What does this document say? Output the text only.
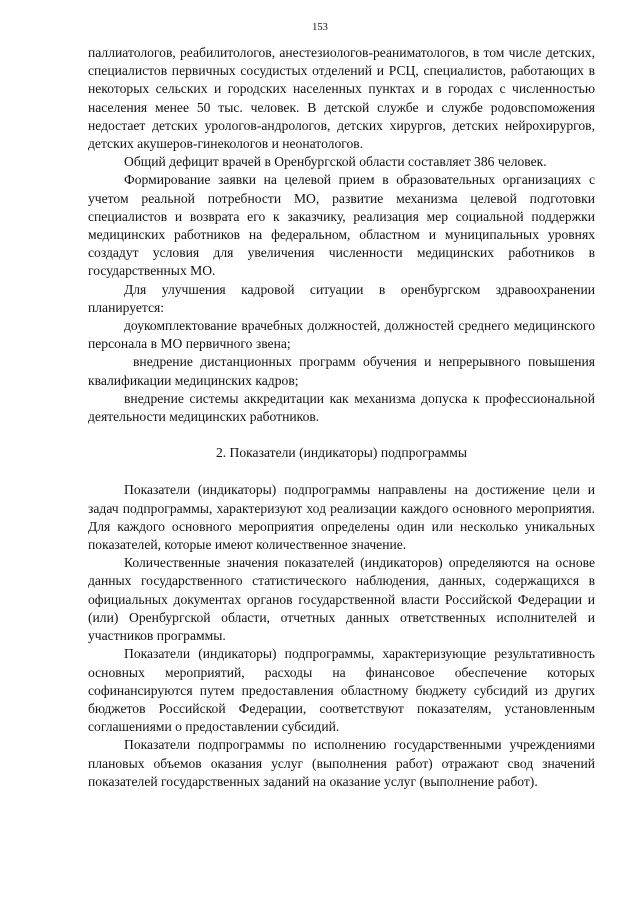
153

паллиатологов, реабилитологов, анестезиологов-реаниматологов, в том числе детских, специалистов первичных сосудистых отделений и РСЦ, специалистов, работающих в некоторых сельских и городских населенных пунктах и в городах с численностью населения менее 50 тыс. человек. В детской службе и службе родовспоможения недостает детских урологов-андрологов, детских хирургов, детских нейрохирургов, детских акушеров-гинекологов и неонатологов.

Общий дефицит врачей в Оренбургской области составляет 386 человек.

Формирование заявки на целевой прием в образовательных организациях с учетом реальной потребности МО, развитие механизма целевой подготовки специалистов и возврата его к заказчику, реализация мер социальной поддержки медицинских работников на федеральном, областном и муниципальных уровнях создадут условия для увеличения численности медицинских работников в государственных МО.

Для улучшения кадровой ситуации в оренбургском здравоохранении планируется:

доукомплектование врачебных должностей, должностей среднего медицинского персонала в МО первичного звена;

внедрение дистанционных программ обучения и непрерывного повышения квалификации медицинских кадров;

внедрение системы аккредитации как механизма допуска к профессиональной деятельности медицинских работников.

2. Показатели (индикаторы) подпрограммы

Показатели (индикаторы) подпрограммы направлены на достижение цели и задач подпрограммы, характеризуют ход реализации каждого основного мероприятия. Для каждого основного мероприятия определены один или несколько уникальных показателей, которые имеют количественное значение.

Количественные значения показателей (индикаторов) определяются на основе данных государственного статистического наблюдения, данных, содержащихся в официальных документах органов государственной власти Российской Федерации и (или) Оренбургской области, отчетных данных ответственных исполнителей и участников программы.

Показатели (индикаторы) подпрограммы, характеризующие результативность основных мероприятий, расходы на финансовое обеспечение которых софинансируются путем предоставления областному бюджету субсидий из других бюджетов Российской Федерации, соответствуют показателям, установленным соглашениями о предоставлении субсидий.

Показатели подпрограммы по исполнению государственными учреждениями плановых объемов оказания услуг (выполнения работ) отражают свод значений показателей государственных заданий на оказание услуг (выполнение работ).
